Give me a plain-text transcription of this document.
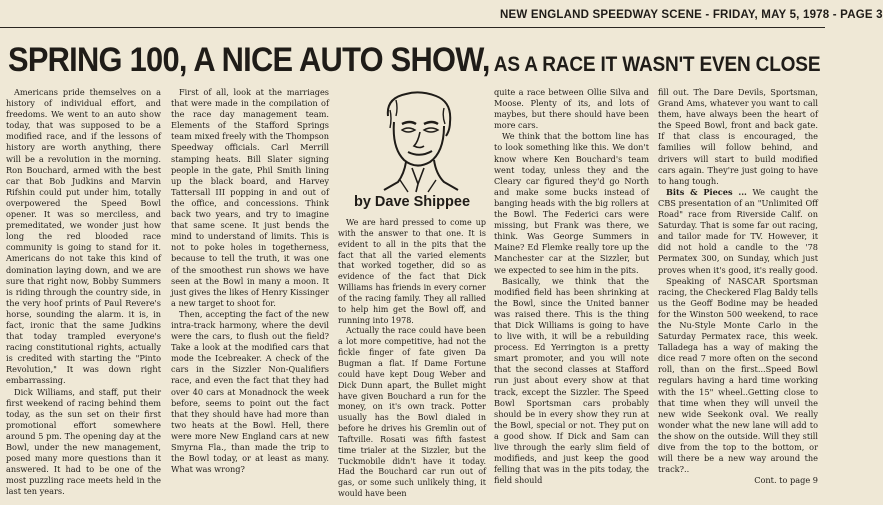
NEW ENGLAND SPEEDWAY SCENE - FRIDAY, MAY 5, 1978 - PAGE 3
SPRING 100, A NICE AUTO SHOW, AS A RACE IT WASN'T EVEN CLOSE

Americans pride themselves on a history of individual effort, and freedoms. We went to an auto show today, that was supposed to be a modified race, and if the lessons of history are worth anything, there will be a revolution in the morning. Ron Bouchard, armed with the best car that Bob Judkins and Marvin Rifshin could put under him, totally overpowered the Speed Bowl opener. It was so merciless, and premeditated, we wonder just how long the red blooded race community is going to stand for it. Americans do not take this kind of domination laying down, and we are sure that right now, Bobby Summers is riding through the country side, in the very hoof prints of Paul Revere's horse, sounding the alarm. it is, in fact, ironic that the same Judkins that today trampled everyone's racing constitutional rights, actually is credited with starting the "Pinto Revolution," It was down right embarrassing.

Dick Williams, and staff, put their first weekend of racing behind them today, as the sun set on their first promotional effort somewhere around 5 pm. The opening day at the Bowl, under the new management, posed many more questions than it answered. It had to be one of the most puzzling race meets held in the last ten years.

First of all, look at the marriages that were made in the compilation of the race day management team. Elements of the Stafford Springs team mixed freely with the Thompson Speedway officials. Carl Merrill stamping heats. Bill Slater signing people in the gate, Phil Smith lining up the black board, and Harvey Tattersall III popping in and out of the office, and concessions. Think back two years, and try to imagine that same scene. It just bends the mind to understand of limits. This is not to poke holes in togetherness, because to tell the truth, it was one of the smoothest run shows we have seen at the Bowl in many a moon. It just gives the likes of Henry Kissinger a new target to shoot for.

Then, accepting the fact of the new intra-track harmony, where the devil were the cars, to flush out the field? Take a look at the modified cars that mode the Icebreaker. A check of the cars in the Sizzler Non-Qualifiers race, and even the fact that they had over 40 cars at Monadnock the week before, seems to point out the fact that they should have had more than two heats at the Bowl. Hell, there were more New England cars at new Smyrna Fla., than made the trip to the Bowl today, or at least as many. What was wrong?

by Dave Shippee

We are hard pressed to come up with the answer to that one. It is evident to all in the pits that the fact that all the varied elements that worked together, did so as evidence of the fact that Dick Williams has friends in every corner of the racing family. They all rallied to help him get the Bowl off, and running into 1978.

Actually the race could have been a lot more competitive, had not the fickle finger of fate given Da Bugman a flat. If Dame Fortune could have kept Doug Weber and Dick Dunn apart, the Bullet might have given Bouchard a run for the money, on it's own track. Potter usually has the Bowl dialed in before he drives his Gremlin out of Taftville. Rosati was fifth fastest time trialer at the Sizzler, but the Tuckmobile didn't have it today. Had the Bouchard car run out of gas, or some such unlikely thing, it would have been

quite a race between Ollie Silva and Moose. Plenty of its, and lots of maybes, but there should have been more cars.

We think that the bottom line has to look something like this. We don't know where Ken Bouchard's team went today, unless they and the Cleary car figured they'd go North and make some bucks instead of banging heads with the big rollers at the Bowl. The Federici cars were missing, but Frank was there, we think. Was George Summers in Maine? Ed Flemke really tore up the Manchester car at the Sizzler, but we expected to see him in the pits.

Basically, we think that the modified field has been shrinking at the Bowl, since the United banner was raised there. This is the thing that Dick Williams is going to have to live with, it will be a rebuilding process. Ed Yerrington is a pretty smart promoter, and you will note that the second classes at Stafford run just about every show at that track, except the Sizzler. The Speed Bowl Sportsman cars probably should be in every show they run at the Bowl, special or not. They put on a good show. If Dick and Sam can live through the early slim field of modifieds, and just keep the good felling that was in the pits today, the field should

fill out. The Dare Devils, Sportsman, Grand Ams, whatever you want to call them, have always been the heart of the Speed Bowl, front and back gate. If that class is encouraged, the families will follow behind, and drivers will start to build modified cars again. They're just going to have to hang tough.

Bits & Pieces ... We caught the CBS presentation of an "Unlimited Off Road" race from Riverside Calif. on Saturday. That is some far out racing, and tailor made for TV. However, it did not hold a candle to the '78 Permatex 300, on Sunday, which just proves when it's good, it's really good.

Speaking of NASCAR Sportsman racing, the Checkered Flag Baldy tells us the Geoff Bodine may be headed for the Winston 500 weekend, to race the Nu-Style Monte Carlo in the Saturday Permatex race, this week. Talladega has a way of making the dice read 7 more often on the second roll, than on the first...Speed Bowl regulars having a hard time working with the 15" wheel..Getting close to that time when they will unveil the new wide Seekonk oval. We really wonder what the new lane will add to the show on the outside. Will they still dive from the top to the bottom, or will there be a new way around the track?..

Cont. to page 9
